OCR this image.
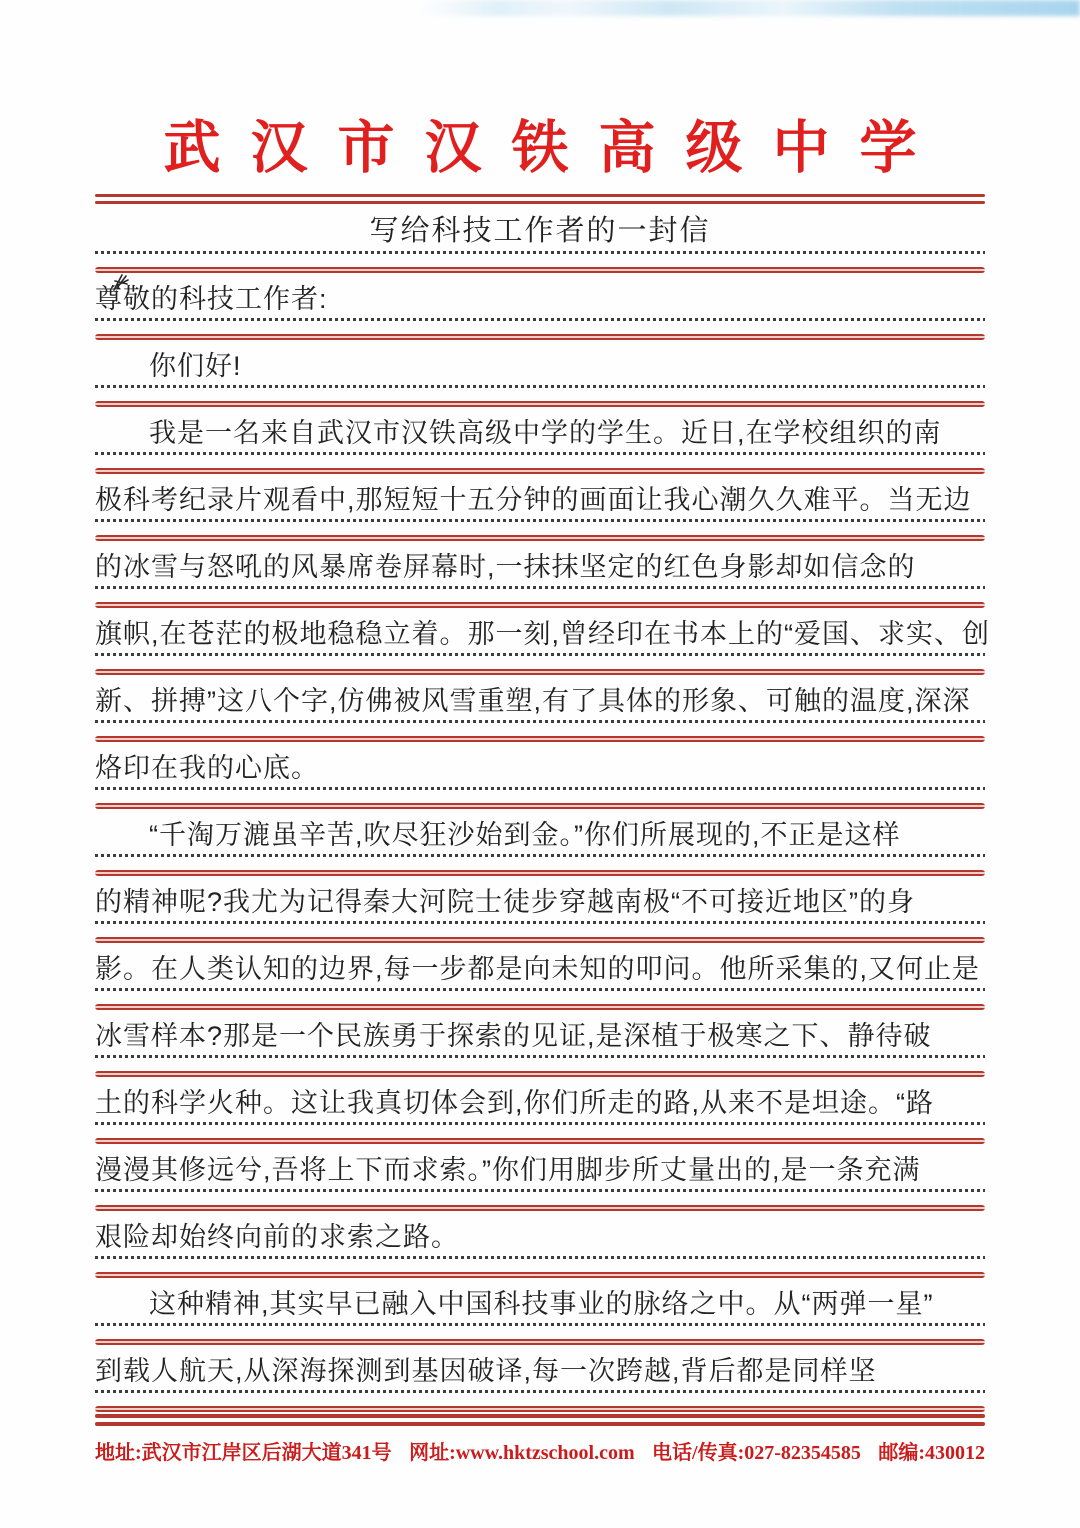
武汉市汉铁高级中学
写给科技工作者的一封信
尊敬的科技工作者:
你们好!
我是一名来自武汉市汉铁高级中学的学生。近日,在学校组织的南
极科考纪录片观看中,那短短十五分钟的画面让我心潮久久难平。当无边
的冰雪与怒吼的风暴席卷屏幕时,一抹抹坚定的红色身影却如信念的
旗帜,在苍茫的极地稳稳立着。那一刻,曾经印在书本上的“爱国、求实、创
新、拼搏”这八个字,仿佛被风雪重塑,有了具体的形象、可触的温度,深深
烙印在我的心底。
“千淘万漉虽辛苦,吹尽狂沙始到金。”你们所展现的,不正是这样
的精神呢?我尤为记得秦大河院士徒步穿越南极“不可接近地区”的身
影。在人类认知的边界,每一步都是向未知的叩问。他所采集的,又何止是
冰雪样本?那是一个民族勇于探索的见证,是深植于极寒之下、静待破
土的科学火种。这让我真切体会到,你们所走的路,从来不是坦途。“路
漫漫其修远兮,吾将上下而求索。”你们用脚步所丈量出的,是一条充满
艰险却始终向前的求索之路。
这种精神,其实早已融入中国科技事业的脉络之中。从“两弹一星”
到载人航天,从深海探测到基因破译,每一次跨越,背后都是同样坚
地址:武汉市江岸区后湖大道341号 网址:www.hktzschool.com 电话/传真:027-82354585 邮编:430012
